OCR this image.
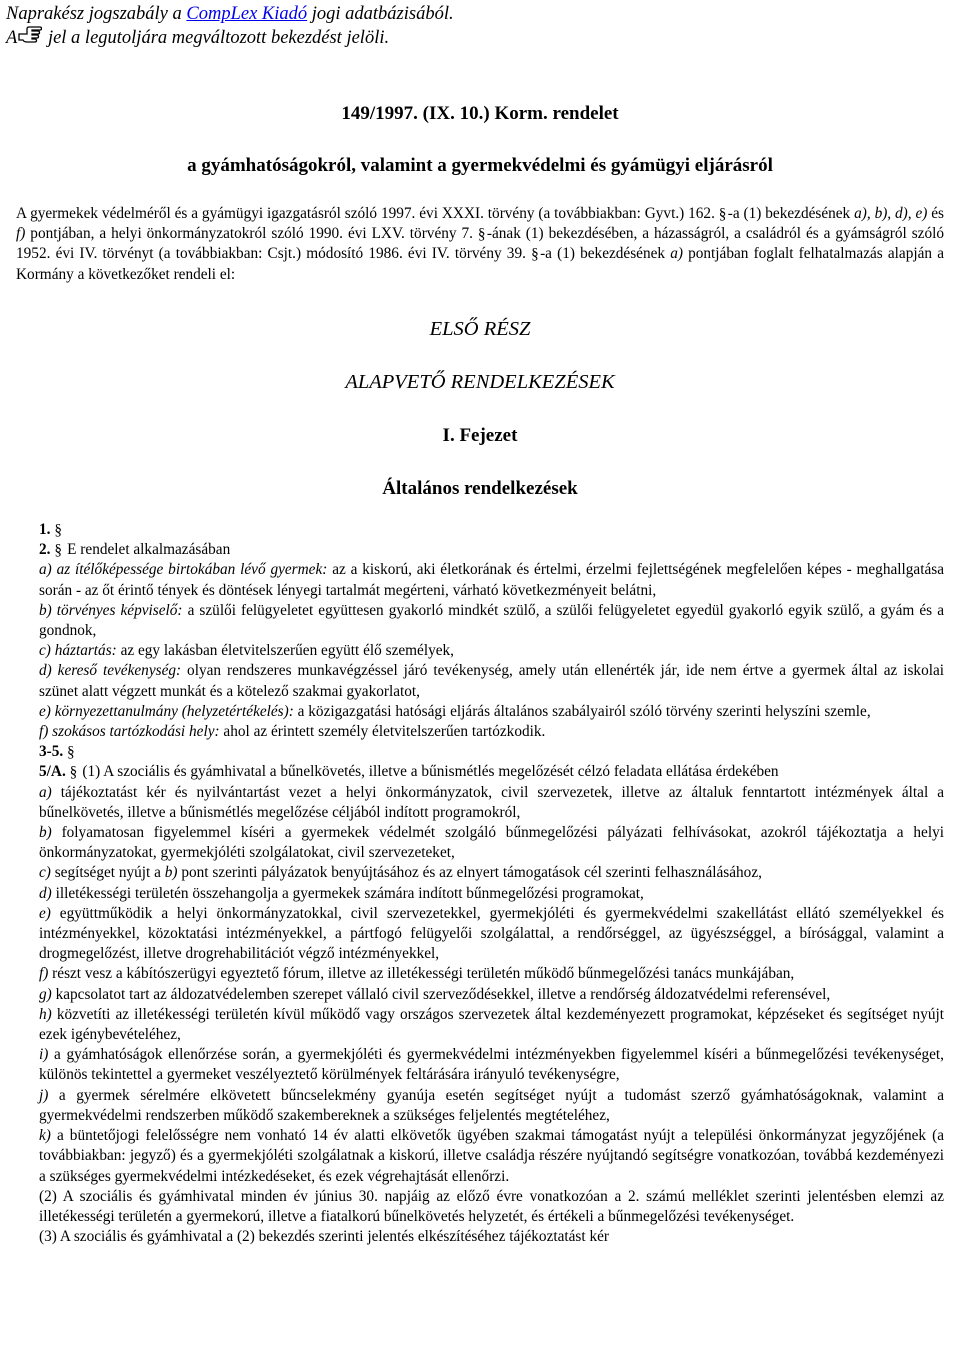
Naprakész jogszabály a CompLex Kiadó jogi adatbázisából.
A jel a legutoljára megváltozott bekezdést jelöli.
149/1997. (IX. 10.) Korm. rendelet
a gyámhatóságokról, valamint a gyermekvédelmi és gyámügyi eljárásról

A gyermekek védelméről és a gyámügyi igazgatásról szóló 1997. évi XXXI. törvény (a továbbiakban: Gyvt.) 162. §-a (1) bekezdésének a), b), d), e) és f) pontjában, a helyi önkormányzatokról szóló 1990. évi LXV. törvény 7. §-ának (1) bekezdésében, a házasságról, a családról és a gyámságról szóló 1952. évi IV. törvényt (a továbbiakban: Csjt.) módosító 1986. évi IV. törvény 39. §-a (1) bekezdésének a) pontjában foglalt felhatalmazás alapján a Kormány a következőket rendeli el:

ELSŐ RÉSZ
ALAPVETŐ RENDELKEZÉSEK
I. Fejezet
Általános rendelkezések

1. §

2. § E rendelet alkalmazásában

a) az ítélőképessége birtokában lévő gyermek: az a kiskorú, aki életkorának és értelmi, érzelmi fejlettségének megfelelően képes - meghallgatása során - az őt érintő tények és döntések lényegi tartalmát megérteni, várható következményeit belátni,

b) törvényes képviselő: a szülői felügyeletet együttesen gyakorló mindkét szülő, a szülői felügyeletet egyedül gyakorló egyik szülő, a gyám és a gondnok,

c) háztartás: az egy lakásban életvitelszerűen együtt élő személyek,

d) kereső tevékenység: olyan rendszeres munkavégzéssel járó tevékenység, amely után ellenérték jár, ide nem értve a gyermek által az iskolai szünet alatt végzett munkát és a kötelező szakmai gyakorlatot,

e) környezettanulmány (helyzetértékelés): a közigazgatási hatósági eljárás általános szabályairól szóló törvény szerinti helyszíni szemle,

f) szokásos tartózkodási hely: ahol az érintett személy életvitelszerűen tartózkodik.

3-5. §

5/A. § (1) A szociális és gyámhivatal a bűnelkövetés, illetve a bűnismétlés megelőzését célzó feladata ellátása érdekében

a) tájékoztatást kér és nyilvántartást vezet a helyi önkormányzatok, civil szervezetek, illetve az általuk fenntartott intézmények által a bűnelkövetés, illetve a bűnismétlés megelőzése céljából indított programokról,

b) folyamatosan figyelemmel kíséri a gyermekek védelmét szolgáló bűnmegelőzési pályázati felhívásokat, azokról tájékoztatja a helyi önkormányzatokat, gyermekjóléti szolgálatokat, civil szervezeteket,

c) segítséget nyújt a b) pont szerinti pályázatok benyújtásához és az elnyert támogatások cél szerinti felhasználásához,

d) illetékességi területén összehangolja a gyermekek számára indított bűnmegelőzési programokat,

e) együttműködik a helyi önkormányzatokkal, civil szervezetekkel, gyermekjóléti és gyermekvédelmi szakellátást ellátó személyekkel és intézményekkel, közoktatási intézményekkel, a pártfogó felügyelői szolgálattal, a rendőrséggel, az ügyészséggel, a bírósággal, valamint a drogmegelőzést, illetve drogrehabilitációt végző intézményekkel,

f) részt vesz a kábítószerügyi egyeztető fórum, illetve az illetékességi területén működő bűnmegelőzési tanács munkájában,

g) kapcsolatot tart az áldozatvédelemben szerepet vállaló civil szerveződésekkel, illetve a rendőrség áldozatvédelmi referensével,

h) közvetíti az illetékességi területén kívül működő vagy országos szervezetek által kezdeményezett programokat, képzéseket és segítséget nyújt ezek igénybevételéhez,

i) a gyámhatóságok ellenőrzése során, a gyermekjóléti és gyermekvédelmi intézményekben figyelemmel kíséri a bűnmegelőzési tevékenységet, különös tekintettel a gyermeket veszélyeztető körülmények feltárására irányuló tevékenységre,

j) a gyermek sérelmére elkövetett bűncselekmény gyanúja esetén segítséget nyújt a tudomást szerző gyámhatóságoknak, valamint a gyermekvédelmi rendszerben működő szakembereknek a szükséges feljelentés megtételéhez,

k) a büntetőjogi felelősségre nem vonható 14 év alatti elkövetők ügyében szakmai támogatást nyújt a települési önkormányzat jegyzőjének (a továbbiakban: jegyző) és a gyermekjóléti szolgálatnak a kiskorú, illetve családja részére nyújtandó segítségre vonatkozóan, továbbá kezdeményezi a szükséges gyermekvédelmi intézkedéseket, és ezek végrehajtását ellenőrzi.

(2) A szociális és gyámhivatal minden év június 30. napjáig az előző évre vonatkozóan a 2. számú melléklet szerinti jelentésben elemzi az illetékességi területén a gyermekorú, illetve a fiatalkorú bűnelkövetés helyzetét, és értékeli a bűnmegelőzési tevékenységet.

(3) A szociális és gyámhivatal a (2) bekezdés szerinti jelentés elkészítéséhez tájékoztatást kér
